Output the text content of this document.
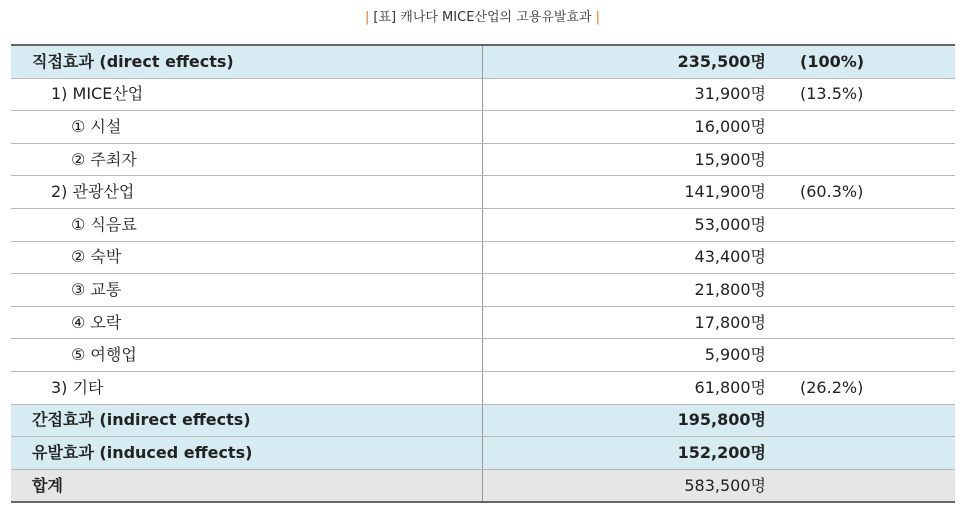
| [표] 캐나다 MICE산업의 고용유발효과 |
직접효과 (direct effects)	235,500명	(100%)
1) MICE산업	31,900명	(13.5%)
① 시설	16,000명	
② 주최자	15,900명	
2) 관광산업	141,900명	(60.3%)
① 식음료	53,000명	
② 숙박	43,400명	
③ 교통	21,800명	
④ 오락	17,800명	
⑤ 여행업	5,900명	
3) 기타	61,800명	(26.2%)
간접효과 (indirect effects)	195,800명	
유발효과 (induced effects)	152,200명	
합계	583,500명	
